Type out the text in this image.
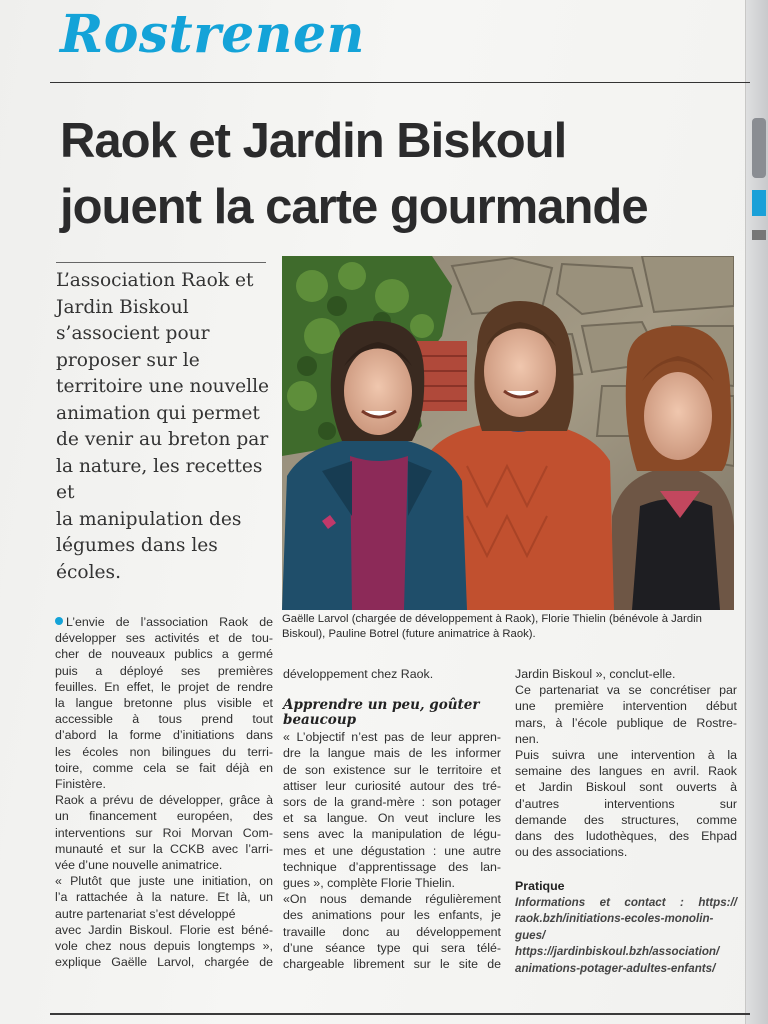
Rostrenen
Raok et Jardin Biskoul
jouent la carte gourmande
L’association Raok et
Jardin Biskoul
s’associent pour
proposer sur le
territoire une nouvelle
animation qui permet
de venir au breton par
la nature, les recettes et
la manipulation des
légumes dans les
écoles.
Gaëlle Larvol (chargée de développement à Raok), Florie Thielin (bénévole à Jardin
Biskoul), Pauline Botrel (future animatrice à Raok).
L’envie de l’association Raok de
développer ses activités et de tou-
cher de nouveaux publics a germé
puis a déployé ses premières
feuilles. En effet, le projet de rendre
la langue bretonne plus visible et
accessible à tous prend tout
d’abord la forme d’initiations dans
les écoles non bilingues du terri-
toire, comme cela se fait déjà en
Finistère.
Raok a prévu de développer, grâce à
un financement européen, des
interventions sur Roi Morvan Com-
munauté et sur la CCKB avec l’arri-
vée d’une nouvelle animatrice.
« Plutôt que juste une initiation, on
l’a rattachée à la nature. Et là, un
autre partenariat s’est développé
avec Jardin Biskoul. Florie est béné-
vole chez nous depuis longtemps »,
explique Gaëlle Larvol, chargée de
développement chez Raok.
Apprendre un peu, goûter
beaucoup
« L’objectif n’est pas de leur appren-
dre la langue mais de les informer
de son existence sur le territoire et
attiser leur curiosité autour des tré-
sors de la grand-mère : son potager
et sa langue. On veut inclure les
sens avec la manipulation de légu-
mes et une dégustation : une autre
technique d’apprentissage des lan-
gues », complète Florie Thielin.
«On nous demande régulièrement
des animations pour les enfants, je
travaille donc au développement
d’une séance type qui sera télé-
chargeable librement sur le site de
Jardin Biskoul », conclut-elle.
Ce partenariat va se concrétiser par
une première intervention début
mars, à l’école publique de Rostre-
nen.
Puis suivra une intervention à la
semaine des langues en avril. Raok
et Jardin Biskoul sont ouverts à
d’autres interventions sur
demande des structures, comme
dans des ludothèques, des Ehpad
ou des associations.
Pratique
Informations et contact : https://
raok.bzh/initiations-ecoles-monolin-
gues/
https://jardinbiskoul.bzh/association/
animations-potager-adultes-enfants/
